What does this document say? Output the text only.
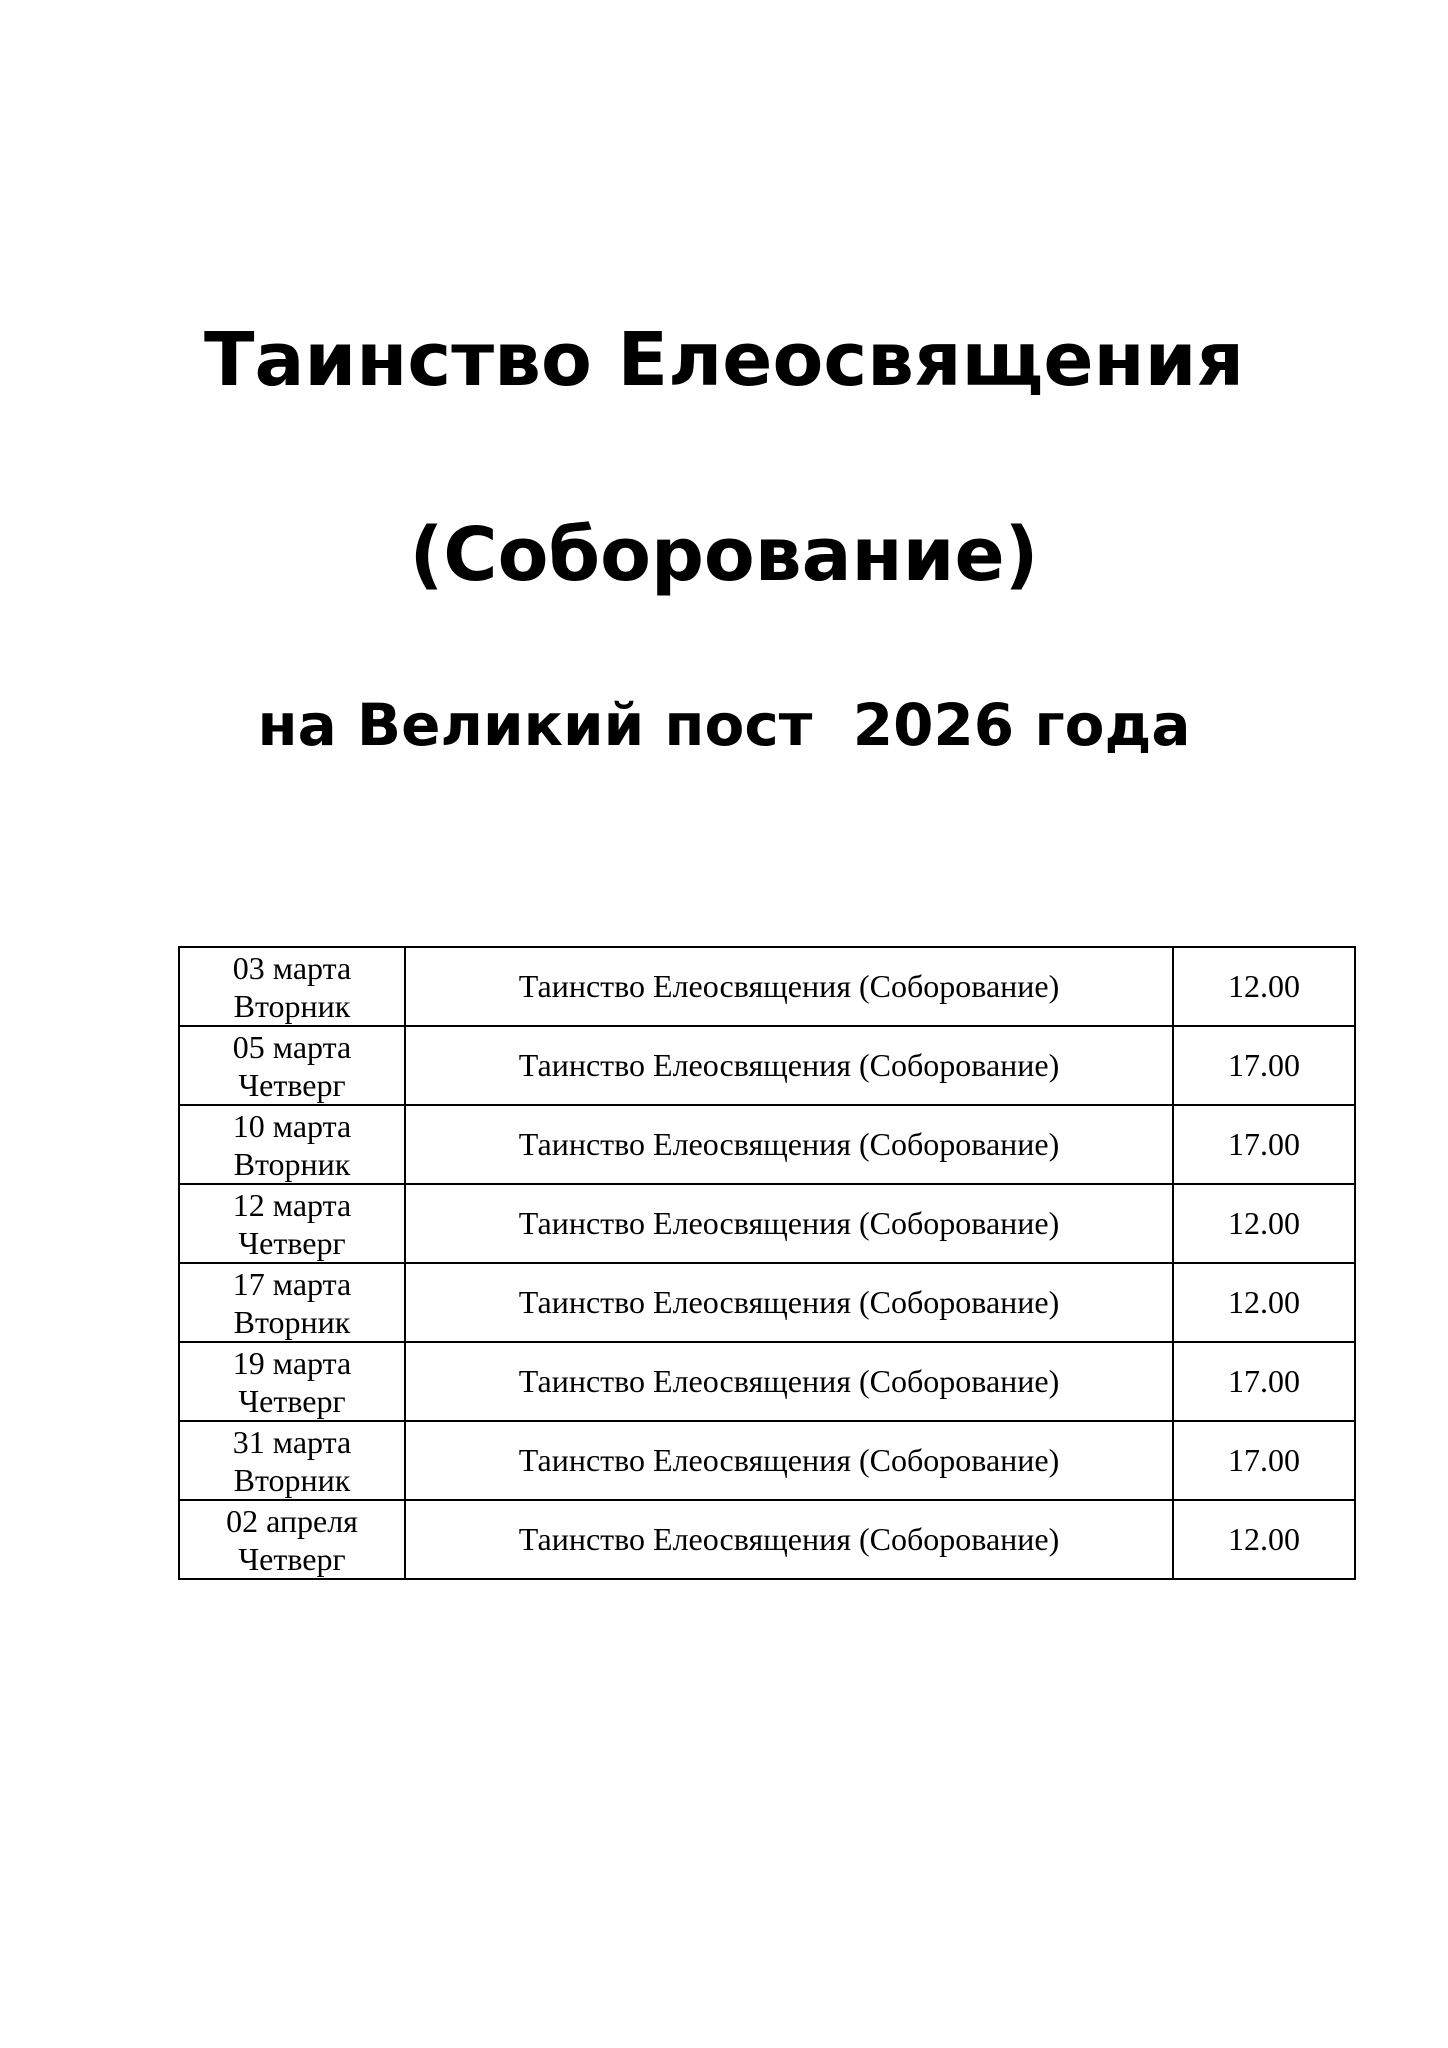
Таинство Елеосвящения
(Соборование)
на Великий пост  2026 года
03 марта
Вторник	Таинство Елеосвящения (Соборование)	12.00

05 марта
Четверг	Таинство Елеосвящения (Соборование)	17.00

10 марта
Вторник	Таинство Елеосвящения (Соборование)	17.00

12 марта
Четверг	Таинство Елеосвящения (Соборование)	12.00

17 марта
Вторник	Таинство Елеосвящения (Соборование)	12.00

19 марта
Четверг	Таинство Елеосвящения (Соборование)	17.00

31 марта
Вторник	Таинство Елеосвящения (Соборование)	17.00

02 апреля
Четверг	Таинство Елеосвящения (Соборование)	12.00
